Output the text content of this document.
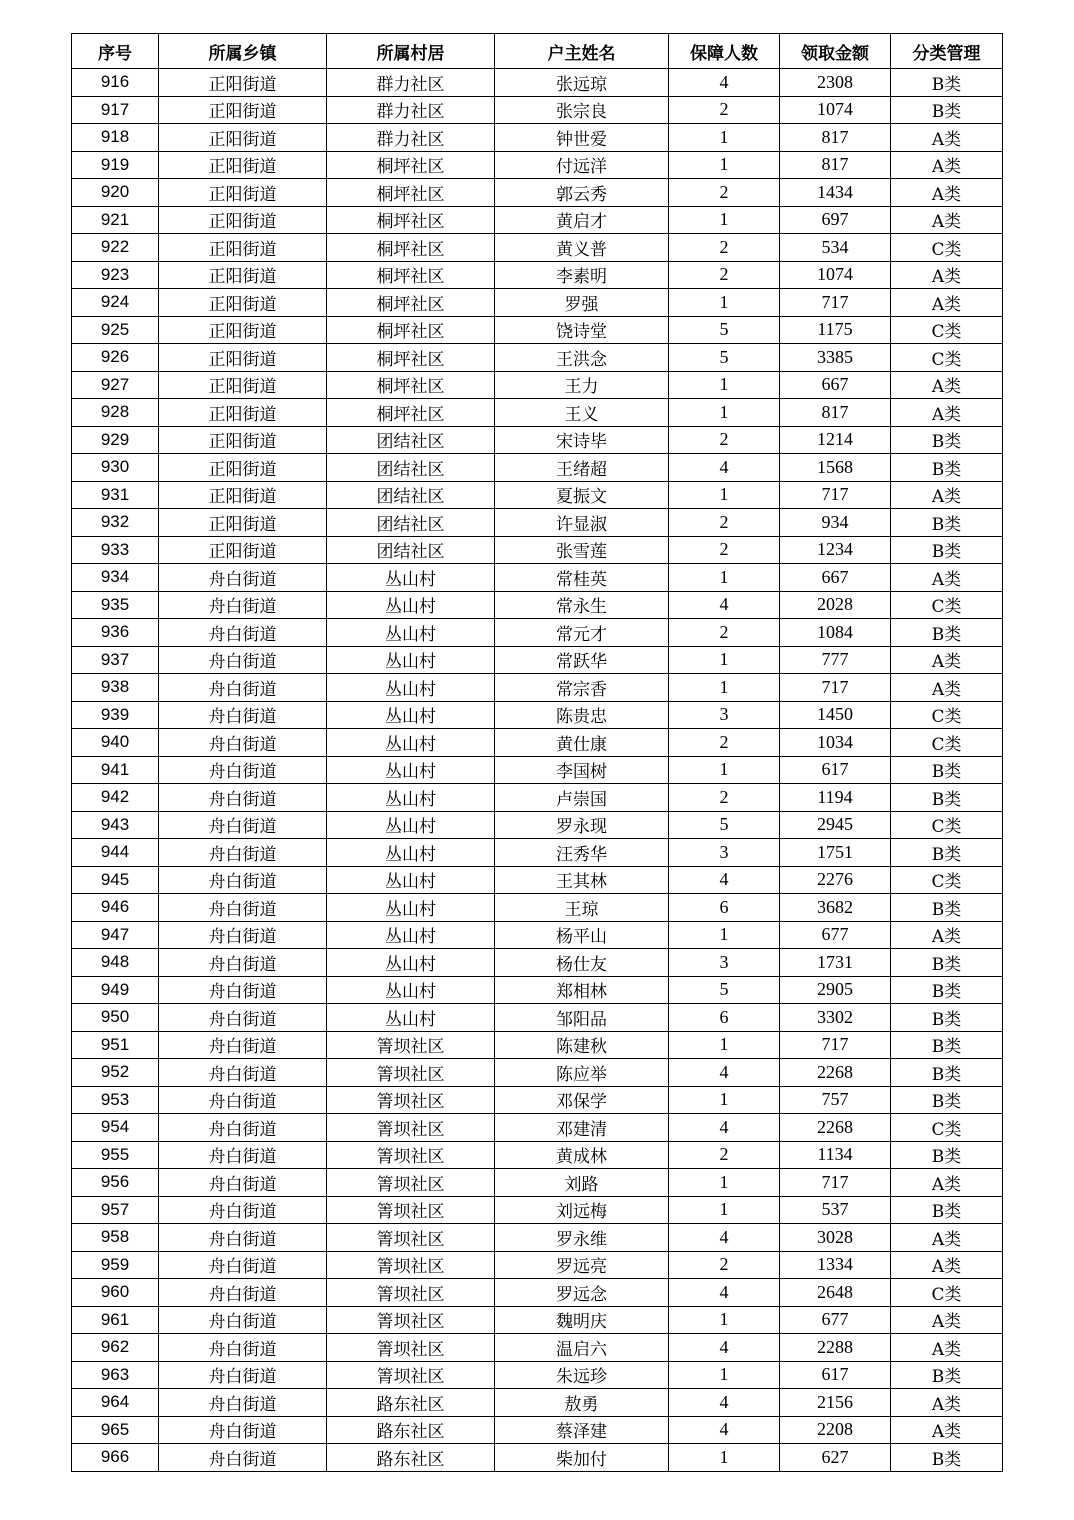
序号	所属乡镇	所属村居	户主姓名	保障人数	领取金额	分类管理
916	正阳街道	群力社区	张远琼	4	2308	B类
917	正阳街道	群力社区	张宗良	2	1074	B类
918	正阳街道	群力社区	钟世爱	1	817	A类
919	正阳街道	桐坪社区	付远洋	1	817	A类
920	正阳街道	桐坪社区	郭云秀	2	1434	A类
921	正阳街道	桐坪社区	黄启才	1	697	A类
922	正阳街道	桐坪社区	黄义普	2	534	C类
923	正阳街道	桐坪社区	李素明	2	1074	A类
924	正阳街道	桐坪社区	罗强	1	717	A类
925	正阳街道	桐坪社区	饶诗堂	5	1175	C类
926	正阳街道	桐坪社区	王洪念	5	3385	C类
927	正阳街道	桐坪社区	王力	1	667	A类
928	正阳街道	桐坪社区	王义	1	817	A类
929	正阳街道	团结社区	宋诗毕	2	1214	B类
930	正阳街道	团结社区	王绪超	4	1568	B类
931	正阳街道	团结社区	夏振文	1	717	A类
932	正阳街道	团结社区	许显淑	2	934	B类
933	正阳街道	团结社区	张雪莲	2	1234	B类
934	舟白街道	丛山村	常桂英	1	667	A类
935	舟白街道	丛山村	常永生	4	2028	C类
936	舟白街道	丛山村	常元才	2	1084	B类
937	舟白街道	丛山村	常跃华	1	777	A类
938	舟白街道	丛山村	常宗香	1	717	A类
939	舟白街道	丛山村	陈贵忠	3	1450	C类
940	舟白街道	丛山村	黄仕康	2	1034	C类
941	舟白街道	丛山村	李国树	1	617	B类
942	舟白街道	丛山村	卢崇国	2	1194	B类
943	舟白街道	丛山村	罗永现	5	2945	C类
944	舟白街道	丛山村	汪秀华	3	1751	B类
945	舟白街道	丛山村	王其林	4	2276	C类
946	舟白街道	丛山村	王琼	6	3682	B类
947	舟白街道	丛山村	杨平山	1	677	A类
948	舟白街道	丛山村	杨仕友	3	1731	B类
949	舟白街道	丛山村	郑相林	5	2905	B类
950	舟白街道	丛山村	邹阳品	6	3302	B类
951	舟白街道	箐坝社区	陈建秋	1	717	B类
952	舟白街道	箐坝社区	陈应举	4	2268	B类
953	舟白街道	箐坝社区	邓保学	1	757	B类
954	舟白街道	箐坝社区	邓建清	4	2268	C类
955	舟白街道	箐坝社区	黄成林	2	1134	B类
956	舟白街道	箐坝社区	刘路	1	717	A类
957	舟白街道	箐坝社区	刘远梅	1	537	B类
958	舟白街道	箐坝社区	罗永维	4	3028	A类
959	舟白街道	箐坝社区	罗远亮	2	1334	A类
960	舟白街道	箐坝社区	罗远念	4	2648	C类
961	舟白街道	箐坝社区	魏明庆	1	677	A类
962	舟白街道	箐坝社区	温启六	4	2288	A类
963	舟白街道	箐坝社区	朱远珍	1	617	B类
964	舟白街道	路东社区	敖勇	4	2156	A类
965	舟白街道	路东社区	蔡泽建	4	2208	A类
966	舟白街道	路东社区	柴加付	1	627	B类
